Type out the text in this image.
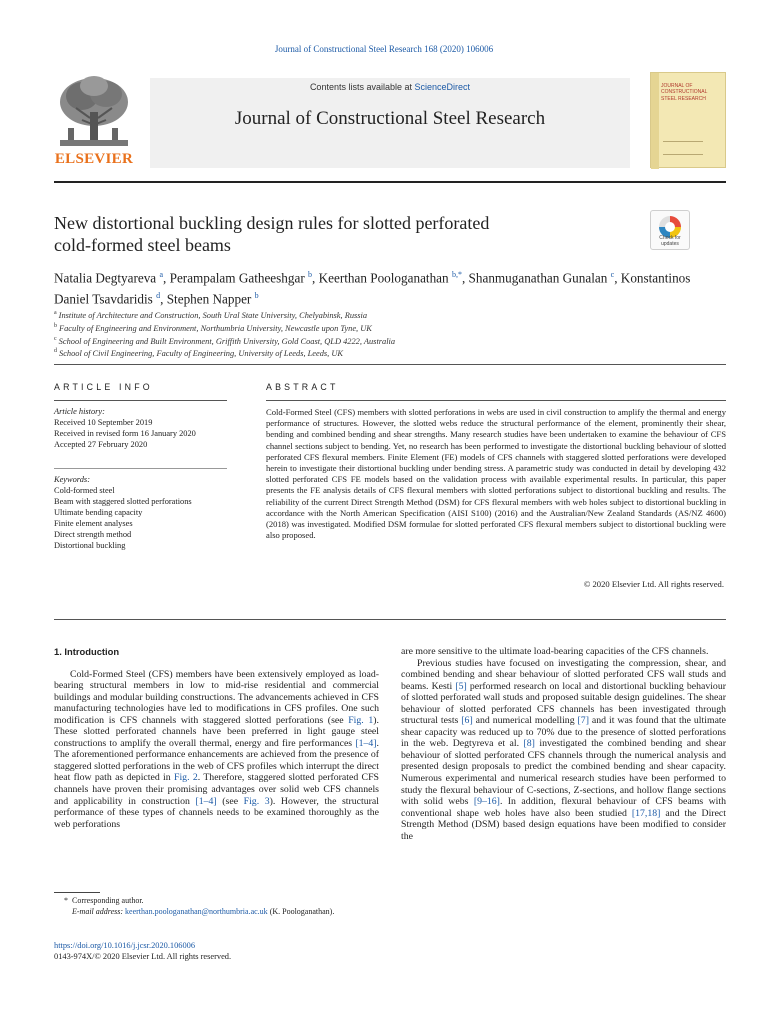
Journal of Constructional Steel Research 168 (2020) 106006
ELSEVIER
Contents lists available at ScienceDirect
Journal of Constructional Steel Research
JOURNAL OF CONSTRUCTIONAL STEEL RESEARCH
New distortional buckling design rules for slotted perforated
cold-formed steel beams	Check for
updates
Natalia Degtyareva $^a$, Perampalam Gatheeshgar $^b$, Keerthan Poologanathan $^{b,*}$, Shanmuganathan Gunalan $^c$, Konstantinos Daniel Tsavdaridis $^d$, Stephen Napper $^b$
$^a$ Institute of Architecture and Construction, South Ural State University, Chelyabinsk, Russia
$^b$ Faculty of Engineering and Environment, Northumbria University, Newcastle upon Tyne, UK
$^c$ School of Engineering and Built Environment, Griffith University, Gold Coast, QLD 4222, Australia
$^d$ School of Civil Engineering, Faculty of Engineering, University of Leeds, Leeds, UK
ARTICLE INFO	ABSTRACT
Article history:
Received 10 September 2019
Received in revised form 16 January 2020
Accepted 27 February 2020
Keywords:
Cold-formed steel
Beam with staggered slotted perforations
Ultimate bending capacity
Finite element analyses
Direct strength method
Distortional buckling
Cold-Formed Steel (CFS) members with slotted perforations in webs are used in civil construction to amplify the thermal and energy performance of structures. However, the slotted webs reduce the structural performance of the element, prominently their shear, bending and combined bending and shear strengths. Many research studies have been undertaken to examine the behaviour of CFS channel sections subject to bending. Yet, no research has been performed to investigate the distortional buckling behaviour of slotted perforated CFS flexural members. Finite Element (FE) models of CFS channels with staggered slotted perforations were developed herein to investigate their distortional buckling under bending stress. A parametric study was conducted in detail by developing 432 slotted perforated CFS FE models based on the validation process with available experimental results. In particular, this paper presents the FE analysis details of CFS flexural members with slotted perforations subject to distortional buckling and results. The reliability of the current Direct Strength Method (DSM) for CFS flexural members with web holes subject to distortional buckling in accordance with the North American Specification (AISI S100) (2016) and the Australian/New Zealand Standards (AS/NZ 4600) (2018) was investigated. Modified DSM formulae for slotted perforated CFS flexural members subject to distortional buckling were also proposed.
© 2020 Elsevier Ltd. All rights reserved.
1. Introduction
Cold-Formed Steel (CFS) members have been extensively employed as load-bearing structural members in low to mid-rise residential and commercial buildings and modular building constructions. The advancements achieved in CFS manufacturing technologies have led to modifications in CFS profiles. One such modification is CFS channels with staggered slotted perforations (see Fig. 1). These slotted perforated channels have been preferred in light gauge steel constructions to amplify the overall thermal, energy and fire performances [1–4]. The aforementioned performance enhancements are achieved from the presence of staggered slotted perforations in the web of CFS profiles which interrupt the direct heat flow path as depicted in Fig. 2. Therefore, staggered slotted perforated CFS channels have proven their promising advantages over solid web CFS channels and applicability in construction [1–4] (see Fig. 3). However, the structural performance of these types of channels needs to be examined thoroughly as the web perforations
are more sensitive to the ultimate load-bearing capacities of the CFS channels.
Previous studies have focused on investigating the compression, shear, and combined bending and shear behaviour of slotted perforated CFS wall studs and beams. Kesti [5] performed research on local and distortional buckling behaviour of slotted perforated wall studs and proposed suitable design guidelines. The shear behaviour of slotted perforated CFS channels has been investigated through structural tests [6] and numerical modelling [7] and it was found that the ultimate shear capacity was reduced up to 70% due to the presence of slotted perforations in the web. Degtyreva et al. [8] investigated the combined bending and shear behaviour of slotted perforated CFS channels through the numerical analysis and presented design proposals to predict the combined bending and shear capacity. Numerous experimental and numerical research studies have been performed to study the flexural behaviour of C-sections, Z-sections, and hollow flange sections with solid webs [9–16]. In addition, flexural behaviour of CFS beams with conventional shape web holes have also been studied [17,18] and the Direct Strength Method (DSM) based design equations have been modified to consider the
* Corresponding author.
E-mail address: keerthan.poologanathan@northumbria.ac.uk (K. Poologanathan).
https://doi.org/10.1016/j.jcsr.2020.106006
0143-974X/© 2020 Elsevier Ltd. All rights reserved.
